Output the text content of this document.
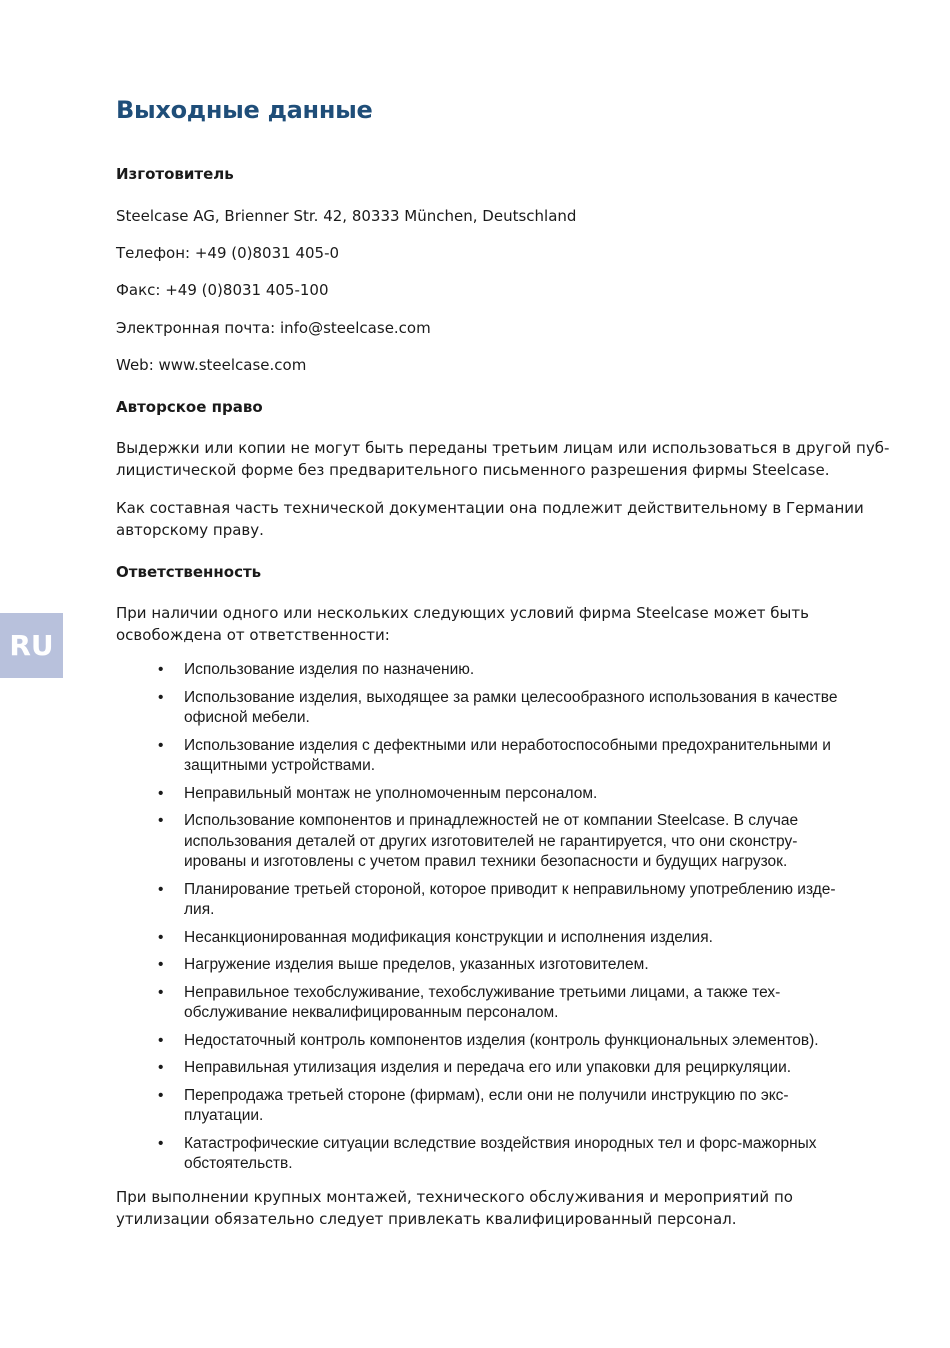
Выходные данные
RU
Изготовитель
Steelcase AG, Brienner Str. 42, 80333 München, Deutschland
Телефон: +49 (0)8031 405-0
Факс: +49 (0)8031 405-100
Электронная почта: info@steelcase.com
Web: www.steelcase.com
Авторское право
Выдержки или копии не могут быть переданы третьим лицам или использоваться в другой пуб-
лицистической форме без предварительного письменного разрешения фирмы Steelcase.
Как составная часть технической документации она подлежит действительному в Германии авторскому праву.
Ответственность
При наличии одного или нескольких следующих условий фирма Steelcase может быть освобождена от ответственности:
• Использование изделия по назначению.
• Использование изделия, выходящее за рамки целесообразного использования в качестве офисной мебели.
• Использование изделия с дефектными или неработоспособными предохранительными и защитными устройствами.
• Неправильный монтаж не уполномоченным персоналом.
• Использование компонентов и принадлежностей не от компании Steelcase. В случае использования деталей от других изготовителей не гарантируется, что они сконстру-
ированы и изготовлены с учетом правил техники безопасности и будущих нагрузок.
• Планирование третьей стороной, которое приводит к неправильному употреблению изде-
лия.
• Несанкционированная модификация конструкции и исполнения изделия.
• Нагружение изделия выше пределов, указанных изготовителем.
• Неправильное техобслуживание, техобслуживание третьими лицами, а также тех-
обслуживание неквалифицированным персоналом.
• Недостаточный контроль компонентов изделия (контроль функциональных элементов).
• Неправильная утилизация изделия и передача его или упаковки для рециркуляции.
• Перепродажа третьей стороне (фирмам), если они не получили инструкцию по экс-
плуатации.
• Катастрофические ситуации вследствие воздействия инородных тел и форс-мажорных обстоятельств.
При выполнении крупных монтажей, технического обслуживания и мероприятий по утилизации обязательно следует привлекать квалифицированный персонал.
